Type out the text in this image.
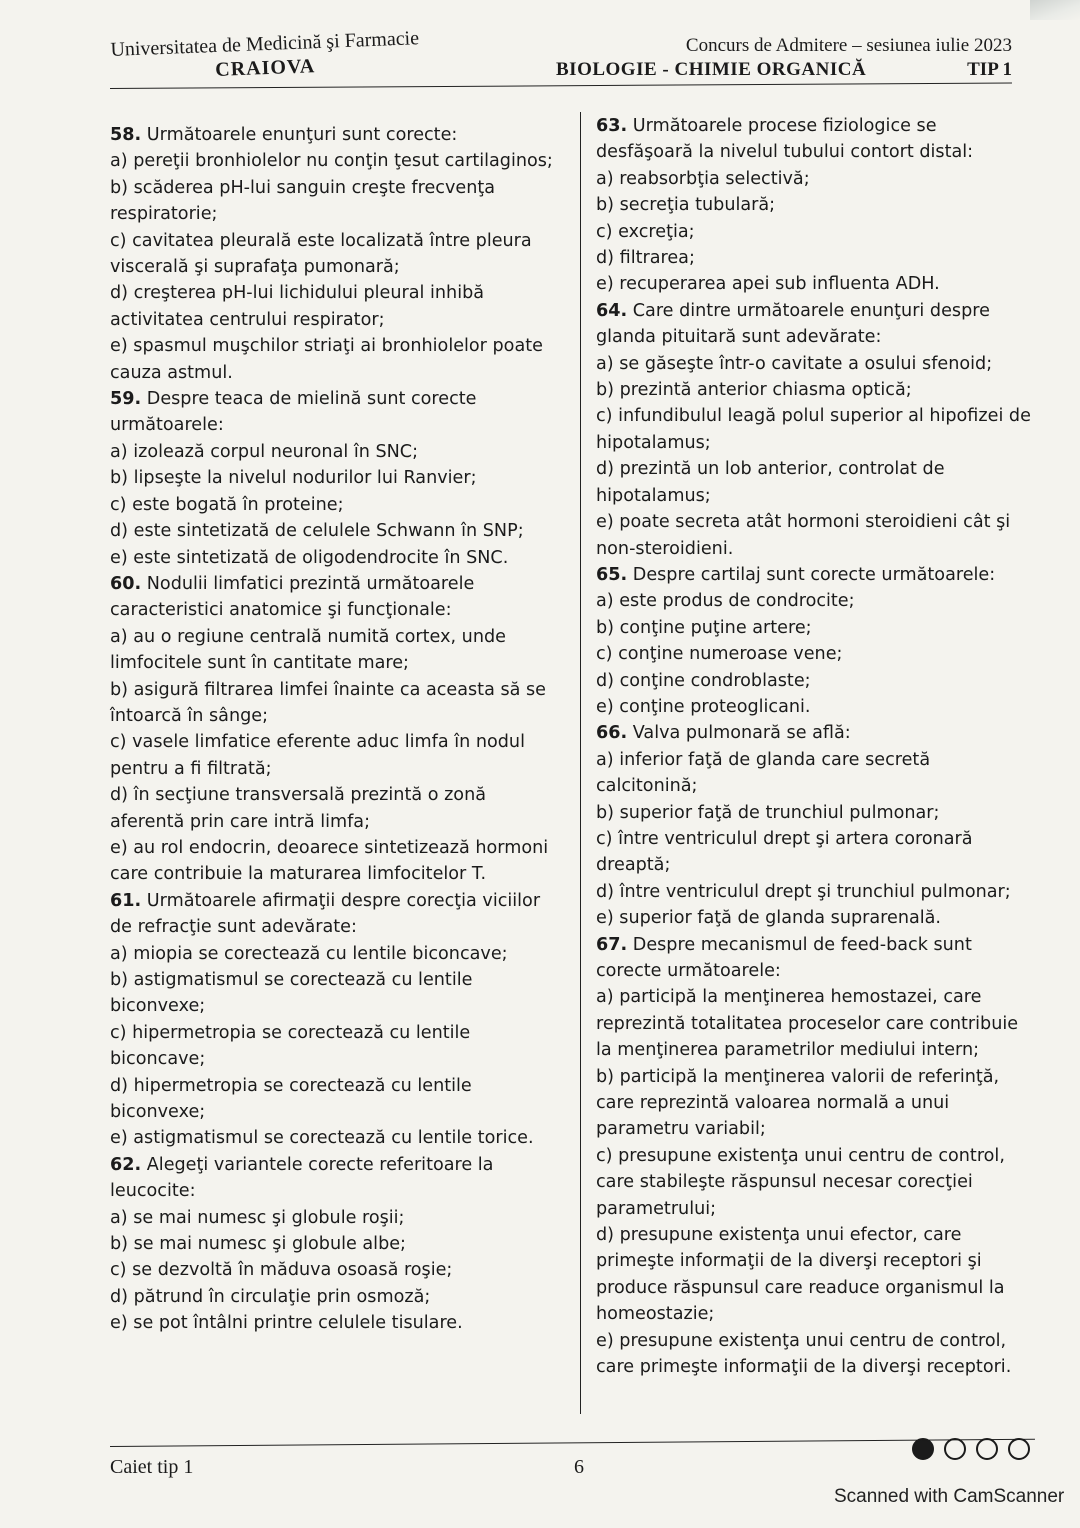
Universitatea de Medicină şi Farmacie
CRAIOVA
Concurs de Admitere – sesiunea iulie 2023
BIOLOGIE - CHIMIE ORGANICĂ	TIP 1

58. Următoarele enunţuri sunt corecte:

a) pereţii bronhiolelor nu conţin ţesut cartilaginos;

b) scăderea pH-lui sanguin creşte frecvenţa respiratorie;

c) cavitatea pleurală este localizată între pleura viscerală şi suprafaţa pumonară;

d) creşterea pH-lui lichidului pleural inhibă activitatea centrului respirator;

e) spasmul muşchilor striaţi ai bronhiolelor poate cauza astmul.

59. Despre teaca de mielină sunt corecte următoarele:

a) izolează corpul neuronal în SNC;

b) lipseşte la nivelul nodurilor lui Ranvier;

c) este bogată în proteine;

d) este sintetizată de celulele Schwann în SNP;

e) este sintetizată de oligodendrocite în SNC.

60. Nodulii limfatici prezintă următoarele caracteristici anatomice şi funcţionale:

a) au o regiune centrală numită cortex, unde limfocitele sunt în cantitate mare;

b) asigură filtrarea limfei înainte ca aceasta să se întoarcă în sânge;

c) vasele limfatice eferente aduc limfa în nodul pentru a fi filtrată;

d) în secţiune transversală prezintă o zonă aferentă prin care intră limfa;

e) au rol endocrin, deoarece sintetizează hormoni care contribuie la maturarea limfocitelor T.

61. Următoarele afirmaţii despre corecţia viciilor de refracţie sunt adevărate:

a) miopia se corectează cu lentile biconcave;

b) astigmatismul se corectează cu lentile biconvexe;

c) hipermetropia se corectează cu lentile biconcave;

d) hipermetropia se corectează cu lentile biconvexe;

e) astigmatismul se corectează cu lentile torice.

62. Alegeţi variantele corecte referitoare la leucocite:

a) se mai numesc şi globule roşii;

b) se mai numesc şi globule albe;

c) se dezvoltă în măduva osoasă roşie;

d) pătrund în circulaţie prin osmoză;

e) se pot întâlni printre celulele tisulare.

63. Următoarele procese fiziologice se desfăşoară la nivelul tubului contort distal:

a) reabsorbţia selectivă;

b) secreţia tubulară;

c) excreţia;

d) filtrarea;

e) recuperarea apei sub influenta ADH.

64. Care dintre următoarele enunţuri despre glanda pituitară sunt adevărate:

a) se găseşte într-o cavitate a osului sfenoid;

b) prezintă anterior chiasma optică;

c) infundibulul leagă polul superior al hipofizei de hipotalamus;

d) prezintă un lob anterior, controlat de hipotalamus;

e) poate secreta atât hormoni steroidieni cât şi non-steroidieni.

65. Despre cartilaj sunt corecte următoarele:

a) este produs de condrocite;

b) conţine puţine artere;

c) conţine numeroase vene;

d) conţine condroblaste;

e) conţine proteoglicani.

66. Valva pulmonară se află:

a) inferior faţă de glanda care secretă calcitonină;

b) superior faţă de trunchiul pulmonar;

c) între ventriculul drept şi artera coronară dreaptă;

d) între ventriculul drept şi trunchiul pulmonar;

e) superior faţă de glanda suprarenală.

67. Despre mecanismul de feed-back sunt corecte următoarele:

a) participă la menţinerea hemostazei, care reprezintă totalitatea proceselor care contribuie la menţinerea parametrilor mediului intern;

b) participă la menţinerea valorii de referinţă, care reprezintă valoarea normală a unui parametru variabil;

c) presupune existenţa unui centru de control, care stabileşte răspunsul necesar corecţiei parametrului;

d) presupune existenţa unui efector, care primeşte informaţii de la diverşi receptori şi produce răspunsul care readuce organismul la homeostazie;

e) presupune existenţa unui centru de control, care primeşte informaţii de la diverşi receptori.

Caiet tip 1	6
Scanned with CamScanner
